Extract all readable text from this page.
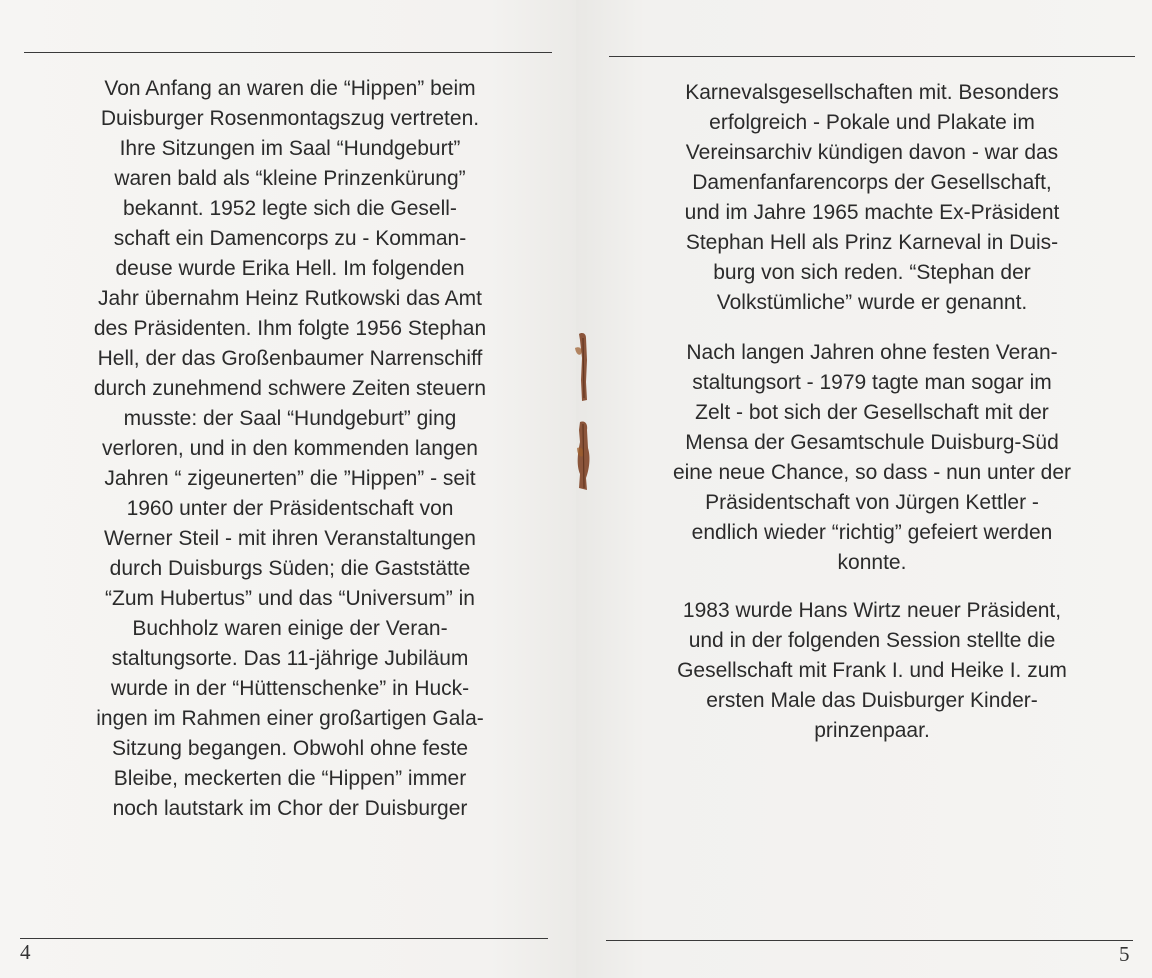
Von Anfang an waren die “Hippen” beim
Duisburger Rosenmontagszug vertreten.
Ihre Sitzungen im Saal “Hundgeburt”
waren bald als “kleine Prinzenkürung”
bekannt. 1952 legte sich die Gesell-
schaft ein Damencorps zu - Komman-
deuse wurde Erika Hell. Im folgenden
Jahr übernahm Heinz Rutkowski das Amt
des Präsidenten. Ihm folgte 1956 Stephan
Hell, der das Großenbaumer Narrenschiff
durch zunehmend schwere Zeiten steuern
musste: der Saal “Hundgeburt” ging
verloren, und in den kommenden langen
Jahren “ zigeunerten” die ”Hippen” - seit
1960 unter der Präsidentschaft von
Werner Steil - mit ihren Veranstaltungen
durch Duisburgs Süden; die Gaststätte
“Zum Hubertus” und das “Universum” in
Buchholz waren einige der Veran-
staltungsorte. Das 11-jährige Jubiläum
wurde in der “Hüttenschenke” in Huck-
ingen im Rahmen einer großartigen Gala-
Sitzung begangen. Obwohl ohne feste
Bleibe, meckerten die “Hippen” immer
noch lautstark im Chor der Duisburger
4	5
Karnevalsgesellschaften mit. Besonders
erfolgreich - Pokale und Plakate im
Vereinsarchiv kündigen davon - war das
Damenfanfarencorps der Gesellschaft,
und im Jahre 1965 machte Ex-Präsident
Stephan Hell als Prinz Karneval in Duis-
burg von sich reden. “Stephan der
Volkstümliche” wurde er genannt.
Nach langen Jahren ohne festen Veran-
staltungsort - 1979 tagte man sogar im
Zelt - bot sich der Gesellschaft mit der
Mensa der Gesamtschule Duisburg-Süd
eine neue Chance, so dass - nun unter der
Präsidentschaft von Jürgen Kettler -
endlich wieder “richtig” gefeiert werden
konnte.
1983 wurde Hans Wirtz neuer Präsident,
und in der folgenden Session stellte die
Gesellschaft mit Frank I. und Heike I. zum
ersten Male das Duisburger Kinder-
prinzenpaar.
